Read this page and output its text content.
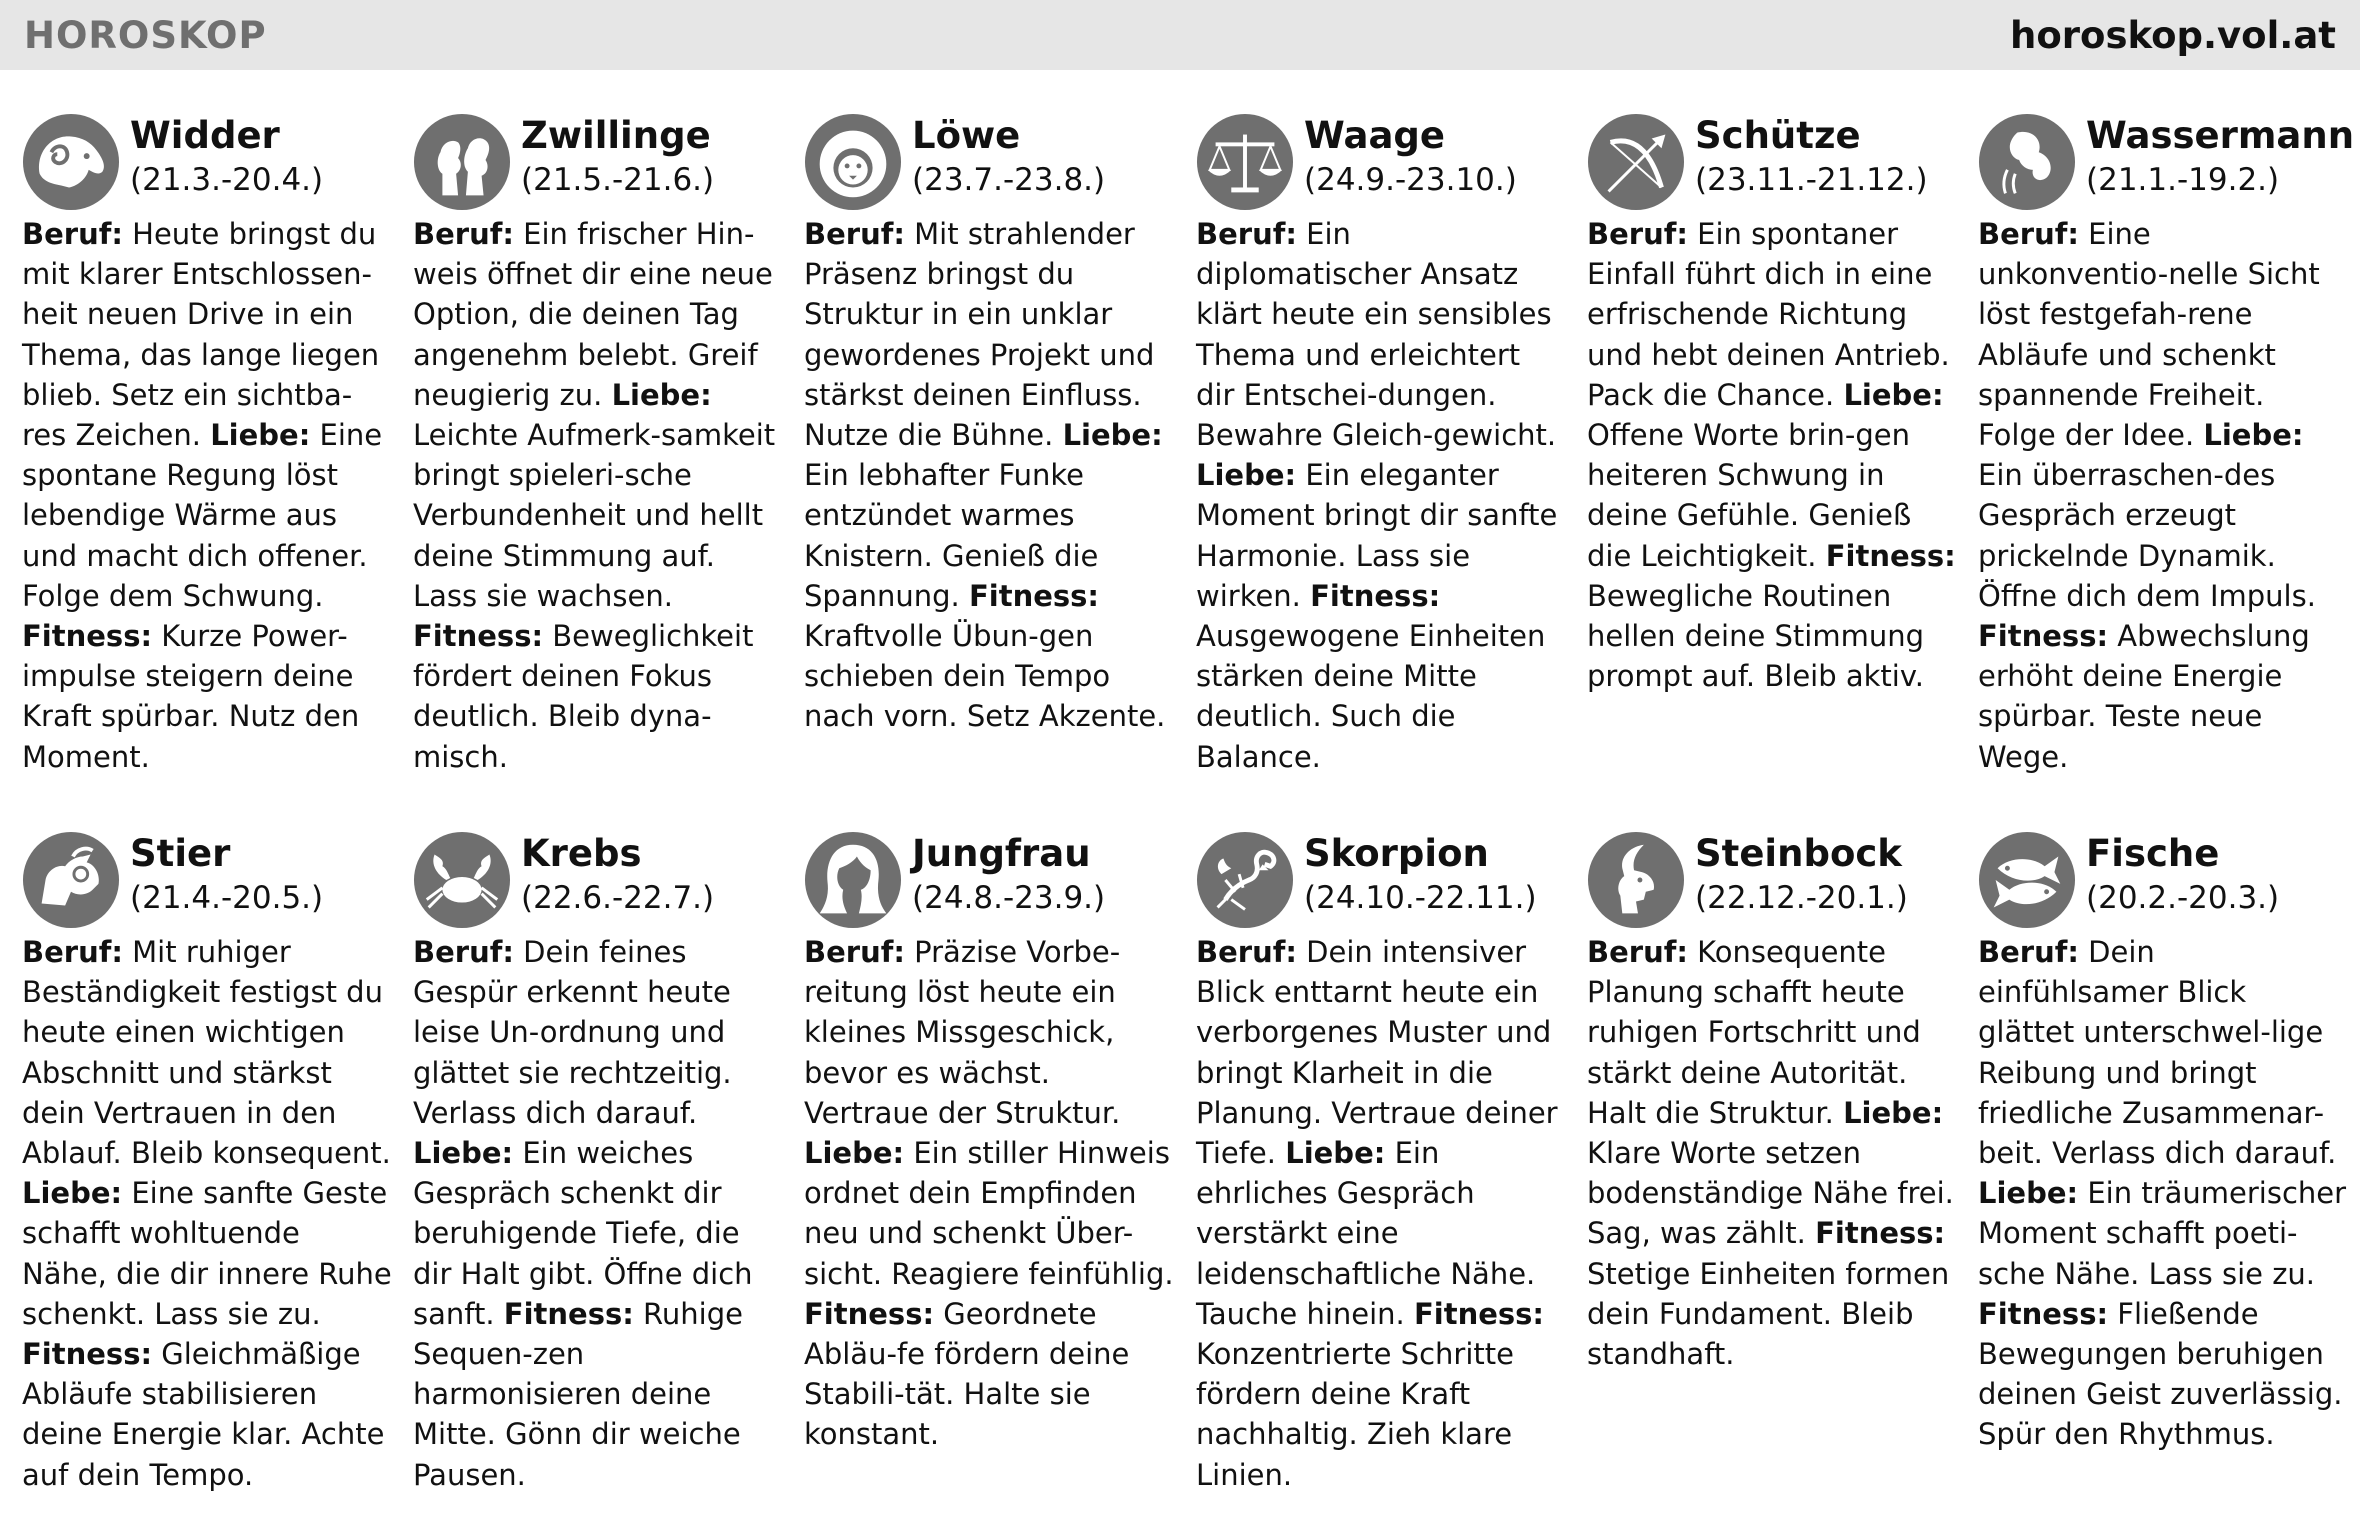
HOROSKOP	horoskop.vol.at
Widder
(21.3.-20.4.)

Beruf: Heute bringst du mit klarer Entschlossen-heit neuen Drive in ein Thema, das lange liegen blieb. Setz ein sichtba-res Zeichen. Liebe: Eine spontane Regung löst lebendige Wärme aus und macht dich offener. Folge dem Schwung. Fitness: Kurze Power-impulse steigern deine Kraft spürbar. Nutz den Moment.

Zwillinge
(21.5.-21.6.)

Beruf: Ein frischer Hin-weis öffnet dir eine neue Option, die deinen Tag angenehm belebt. Greif neugierig zu. Liebe: Leichte Aufmerk-samkeit bringt spieleri-sche Verbundenheit und hellt deine Stimmung auf. Lass sie wachsen. Fitness: Beweglichkeit fördert deinen Fokus deutlich. Bleib dyna-misch.

Löwe
(23.7.-23.8.)

Beruf: Mit strahlender Präsenz bringst du Struktur in ein unklar gewordenes Projekt und stärkst deinen Einfluss. Nutze die Bühne. Liebe: Ein lebhafter Funke entzündet warmes Knistern. Genieß die Spannung. Fitness: Kraftvolle Übun-gen schieben dein Tempo nach vorn. Setz Akzente.

Waage
(24.9.-23.10.)

Beruf: Ein diplomatischer Ansatz klärt heute ein sensibles Thema und erleichtert dir Entschei-dungen. Bewahre Gleich-gewicht. Liebe: Ein eleganter Moment bringt dir sanfte Harmonie. Lass sie wirken. Fitness: Ausgewogene Einheiten stärken deine Mitte deutlich. Such die Balance.

Schütze
(23.11.-21.12.)

Beruf: Ein spontaner Einfall führt dich in eine erfrischende Richtung und hebt deinen Antrieb. Pack die Chance. Liebe: Offene Worte brin-gen heiteren Schwung in deine Gefühle. Genieß die Leichtigkeit. Fitness: Bewegliche Routinen hellen deine Stimmung prompt auf. Bleib aktiv.

Wassermann
(21.1.-19.2.)

Beruf: Eine unkonventio-nelle Sicht löst festgefah-rene Abläufe und schenkt spannende Freiheit. Folge der Idee. Liebe: Ein überraschen-des Gespräch erzeugt prickelnde Dynamik. Öffne dich dem Impuls. Fitness: Abwechslung erhöht deine Energie spürbar. Teste neue Wege.

Stier
(21.4.-20.5.)

Beruf: Mit ruhiger Beständigkeit festigst du heute einen wichtigen Abschnitt und stärkst dein Vertrauen in den Ablauf. Bleib konsequent. Liebe: Eine sanfte Geste schafft wohltuende Nähe, die dir innere Ruhe schenkt. Lass sie zu. Fitness: Gleichmäßige Abläufe stabilisieren deine Energie klar. Achte auf dein Tempo.

Krebs
(22.6.-22.7.)

Beruf: Dein feines Gespür erkennt heute leise Un-ordnung und glättet sie rechtzeitig. Verlass dich darauf. Liebe: Ein weiches Gespräch schenkt dir beruhigende Tiefe, die dir Halt gibt. Öffne dich sanft. Fitness: Ruhige Sequen-zen harmonisieren deine Mitte. Gönn dir weiche Pausen.

Jungfrau
(24.8.-23.9.)

Beruf: Präzise Vorbe-reitung löst heute ein kleines Missgeschick, bevor es wächst. Vertraue der Struktur. Liebe: Ein stiller Hinweis ordnet dein Empfinden neu und schenkt Über-sicht. Reagiere feinfühlig. Fitness: Geordnete Abläu-fe fördern deine Stabili-tät. Halte sie konstant.

Skorpion
(24.10.-22.11.)

Beruf: Dein intensiver Blick enttarnt heute ein verborgenes Muster und bringt Klarheit in die Planung. Vertraue deiner Tiefe. Liebe: Ein ehrliches Gespräch verstärkt eine leidenschaftliche Nähe. Tauche hinein. Fitness: Konzentrierte Schritte fördern deine Kraft nachhaltig. Zieh klare Linien.

Steinbock
(22.12.-20.1.)

Beruf: Konsequente Planung schafft heute ruhigen Fortschritt und stärkt deine Autorität. Halt die Struktur. Liebe: Klare Worte setzen bodenständige Nähe frei. Sag, was zählt. Fitness: Stetige Einheiten formen dein Fundament. Bleib standhaft.

Fische
(20.2.-20.3.)

Beruf: Dein einfühlsamer Blick glättet unterschwel-lige Reibung und bringt friedliche Zusammenar-beit. Verlass dich darauf. Liebe: Ein träumerischer Moment schafft poeti-sche Nähe. Lass sie zu. Fitness: Fließende Bewegungen beruhigen deinen Geist zuverlässig. Spür den Rhythmus.
